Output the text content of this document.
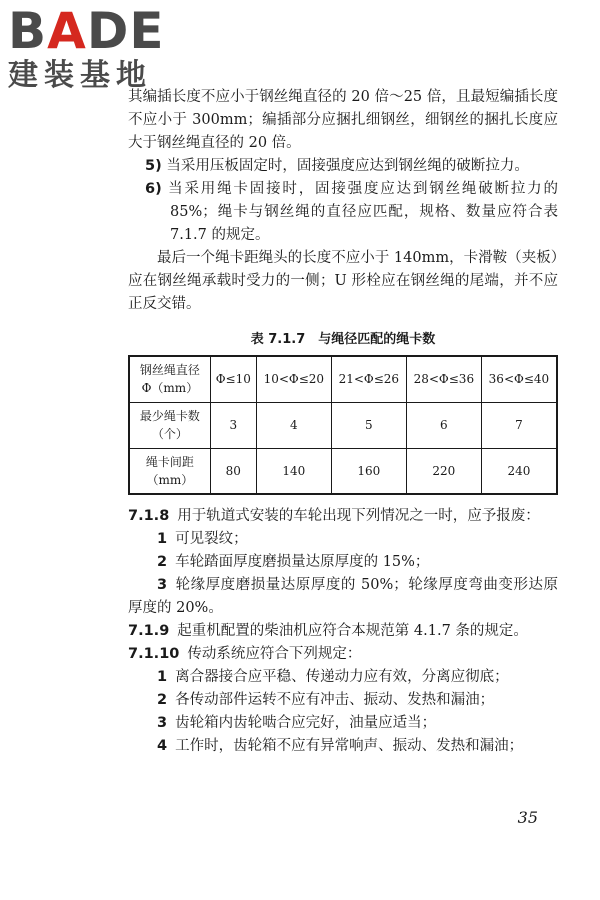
BADE
建装基地

其编插长度不应小于钢丝绳直径的 20 倍～25 倍，且最短编插长度不应小于 300mm；编插部分应捆扎细钢丝，细钢丝的捆扎长度应大于钢丝绳直径的 20 倍。

5) 当采用压板固定时，固接强度应达到钢丝绳的破断拉力。

6) 当采用绳卡固接时，固接强度应达到钢丝绳破断拉力的 85%；绳卡与钢丝绳的直径应匹配，规格、数量应符合表 7.1.7 的规定。

最后一个绳卡距绳头的长度不应小于 140mm，卡滑鞍（夹板）应在钢丝绳承载时受力的一侧；U 形栓应在钢丝绳的尾端，并不应正反交错。

表 7.1.7　与绳径匹配的绳卡数
钢丝绳直径
Φ（mm）	Φ≤10	10<Φ≤20	21<Φ≤26	28<Φ≤36	36<Φ≤40
最少绳卡数
（个）	3	4	5	6	7
绳卡间距
（mm）	80	140	160	220	240

7.1.8 用于轨道式安装的车轮出现下列情况之一时，应予报废：

1 可见裂纹；

2 车轮踏面厚度磨损量达原厚度的 15%；

3 轮缘厚度磨损量达原厚度的 50%；轮缘厚度弯曲变形达原厚度的 20%。

7.1.9 起重机配置的柴油机应符合本规范第 4.1.7 条的规定。

7.1.10 传动系统应符合下列规定：

1 离合器接合应平稳、传递动力应有效，分离应彻底；

2 各传动部件运转不应有冲击、振动、发热和漏油；

3 齿轮箱内齿轮啮合应完好，油量应适当；

4 工作时，齿轮箱不应有异常响声、振动、发热和漏油；

35
